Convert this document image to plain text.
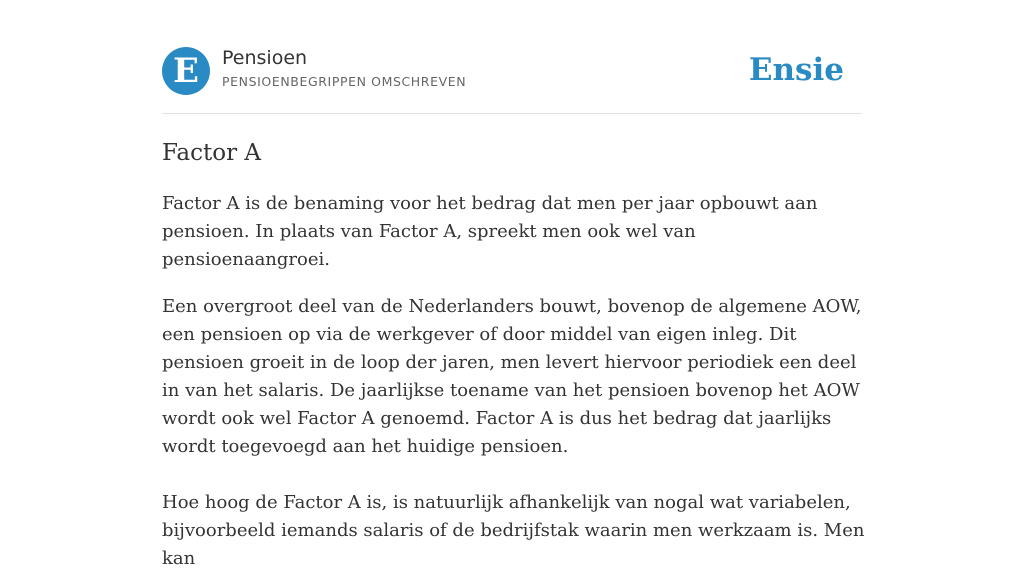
E	Pensioen
PENSIOENBEGRIPPEN OMSCHREVEN	Ensie
Factor A

Factor A is de benaming voor het bedrag dat men per jaar opbouwt aan pensioen. In plaats van Factor A, spreekt men ook wel van pensioenaangroei.

Een overgroot deel van de Nederlanders bouwt, bovenop de algemene AOW, een pensioen op via de werkgever of door middel van eigen inleg. Dit pensioen groeit in de loop der jaren, men levert hiervoor periodiek een deel in van het salaris. De jaarlijkse toename van het pensioen bovenop het AOW wordt ook wel Factor A genoemd. Factor A is dus het bedrag dat jaarlijks wordt toegevoegd aan het huidige pensioen.

Hoe hoog de Factor A is, is natuurlijk afhankelijk van nogal wat variabelen, bijvoorbeeld iemands salaris of de bedrijfstak waarin men werkzaam is. Men kan
